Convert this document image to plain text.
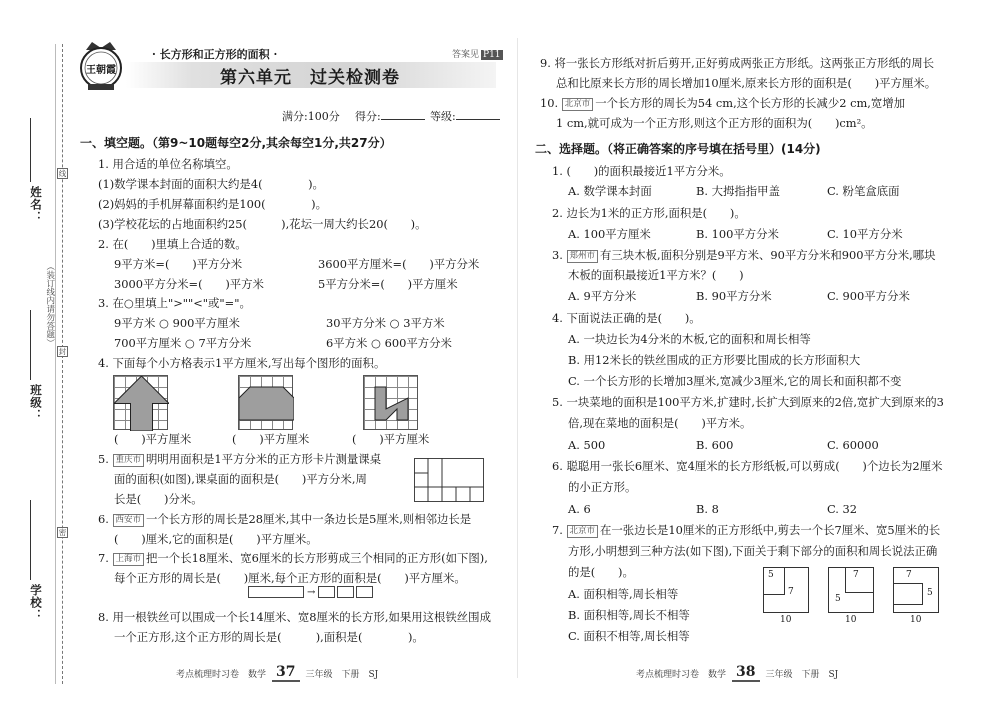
姓名：
（装订线内请勿答题）
班级：
学校：
线
封
密
王朝霞
· 长方形和正方形的面积 ·	答案见 P11
第六单元　过关检测卷
满分:100分 得分:	等级:
一、填空题。（第9~10题每空2分,其余每空1分,共27分）
1. 用合适的单位名称填空。
(1)数学课本封面的面积大约是4(　　　　)。
(2)妈妈的手机屏幕面积约是100(　　　　)。
(3)学校花坛的占地面积约25(　　　),花坛一周大约长20(　　)。
2. 在(　　)里填上合适的数。
9平方米=(　　)平方分米	3600平方厘米=(　　)平方分米
3000平方分米=(　　)平方米	5平方分米=(　　)平方厘米
3. 在○里填上">""<"或"="。
9平方米 ○ 900平方厘米	30平方分米 ○ 3平方米
700平方厘米 ○ 7平方分米	6平方米 ○ 600平方分米
4. 下面每个小方格表示1平方厘米,写出每个图形的面积。
(　　)平方厘米	(　　)平方厘米	(　　)平方厘米
5. 重庆市 明明用面积是1平方分米的正方形卡片测量课桌
面的面积(如图),课桌面的面积是(　　)平方分米,周
长是(　　)分米。
6. 西安市 一个长方形的周长是28厘米,其中一条边长是5厘米,则相邻边长是
(　　)厘米,它的面积是(　　)平方厘米。
7. 上海市 把一个长18厘米、宽6厘米的长方形剪成三个相同的正方形(如下图),
每个正方形的周长是(　　)厘米,每个正方形的面积是(　　)平方厘米。
→
8. 用一根铁丝可以围成一个长14厘米、宽8厘米的长方形,如果用这根铁丝围成
一个正方形,这个正方形的周长是(　　　),面积是(　　　　)。
9. 将一张长方形纸对折后剪开,正好剪成两张正方形纸。这两张正方形纸的周长
总和比原来长方形的周长增加10厘米,原来长方形的面积是(　　)平方厘米。
10. 北京市 一个长方形的周长为54 cm,这个长方形的长减少2 cm,宽增加
1 cm,就可成为一个正方形,则这个正方形的面积为(　　)cm²。
二、选择题。（将正确答案的序号填在括号里）(14分)
1. (　　)的面积最接近1平方分米。
A. 数学课本封面	B. 大拇指指甲盖	C. 粉笔盒底面
2. 边长为1米的正方形,面积是(　　)。
A. 100平方厘米	B. 100平方分米	C. 10平方分米
3. 郑州市 有三块木板,面积分别是9平方米、90平方分米和900平方分米,哪块
木板的面积最接近1平方米？(　　)
A. 9平方分米	B. 90平方分米	C. 900平方分米
4. 下面说法正确的是(　　)。
A. 一块边长为4分米的木板,它的面积和周长相等
B. 用12米长的铁丝围成的正方形要比围成的长方形面积大
C. 一个长方形的长增加3厘米,宽减少3厘米,它的周长和面积都不变
5. 一块菜地的面积是100平方米,扩建时,长扩大到原来的2倍,宽扩大到原来的3
倍,现在菜地的面积是(　　)平方米。
A. 500	B. 600	C. 60000
6. 聪聪用一张长6厘米、宽4厘米的长方形纸板,可以剪成(　　)个边长为2厘米
的小正方形。
A. 6	B. 8	C. 32
7. 北京市 在一张边长是10厘米的正方形纸中,剪去一个长7厘米、宽5厘米的长
方形,小明想到三种方法(如下图),下面关于剩下部分的面积和周长说法正确
的是(　　)。
A. 面积相等,周长相等
B. 面积相等,周长不相等
C. 面积不相等,周长相等
5
7
10
5
7
10
7
5
10
考点梳理时习卷　数学 37	三年级　下册　SJ	考点梳理时习卷　数学 38	三年级　下册　SJ
